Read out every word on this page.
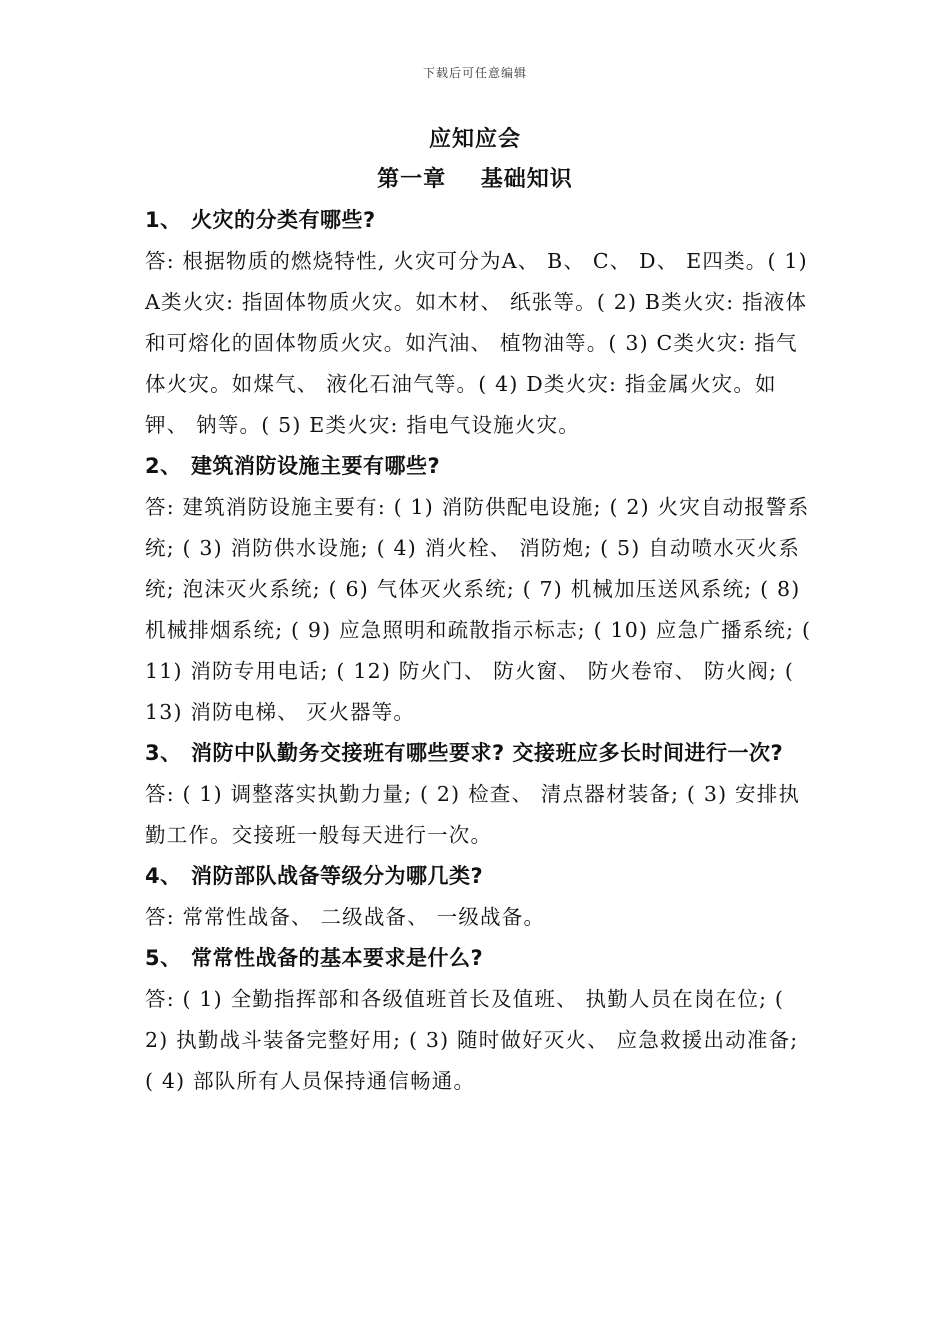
下载后可任意编辑
应知应会
第一章    基础知识

1、 火灾的分类有哪些?

答: 根据物质的燃烧特性, 火灾可分为A、 B、 C、 D、 E四类。( 1) A类火灾: 指固体物质火灾。如木材、 纸张等。( 2) B类火灾: 指液体和可熔化的固体物质火灾。如汽油、 植物油等。( 3) C类火灾: 指气体火灾。如煤气、 液化石油气等。( 4) D类火灾: 指金属火灾。如钾、 钠等。( 5) E类火灾: 指电气设施火灾。

2、 建筑消防设施主要有哪些?

答: 建筑消防设施主要有: ( 1) 消防供配电设施; ( 2) 火灾自动报警系统; ( 3) 消防供水设施; ( 4) 消火栓、 消防炮; ( 5) 自动喷水灭火系统; 泡沫灭火系统; ( 6) 气体灭火系统; ( 7) 机械加压送风系统; ( 8) 机械排烟系统; ( 9) 应急照明和疏散指示标志; ( 10) 应急广播系统; ( 11) 消防专用电话; ( 12) 防火门、 防火窗、 防火卷帘、 防火阀; ( 13) 消防电梯、 灭火器等。

3、 消防中队勤务交接班有哪些要求? 交接班应多长时间进行一次?

答: ( 1) 调整落实执勤力量; ( 2) 检查、 清点器材装备; ( 3) 安排执勤工作。交接班一般每天进行一次。

4、 消防部队战备等级分为哪几类?

答: 常常性战备、 二级战备、 一级战备。

5、 常常性战备的基本要求是什么?

答: ( 1) 全勤指挥部和各级值班首长及值班、 执勤人员在岗在位; ( 2) 执勤战斗装备完整好用; ( 3) 随时做好灭火、 应急救援出动准备; ( 4) 部队所有人员保持通信畅通。
